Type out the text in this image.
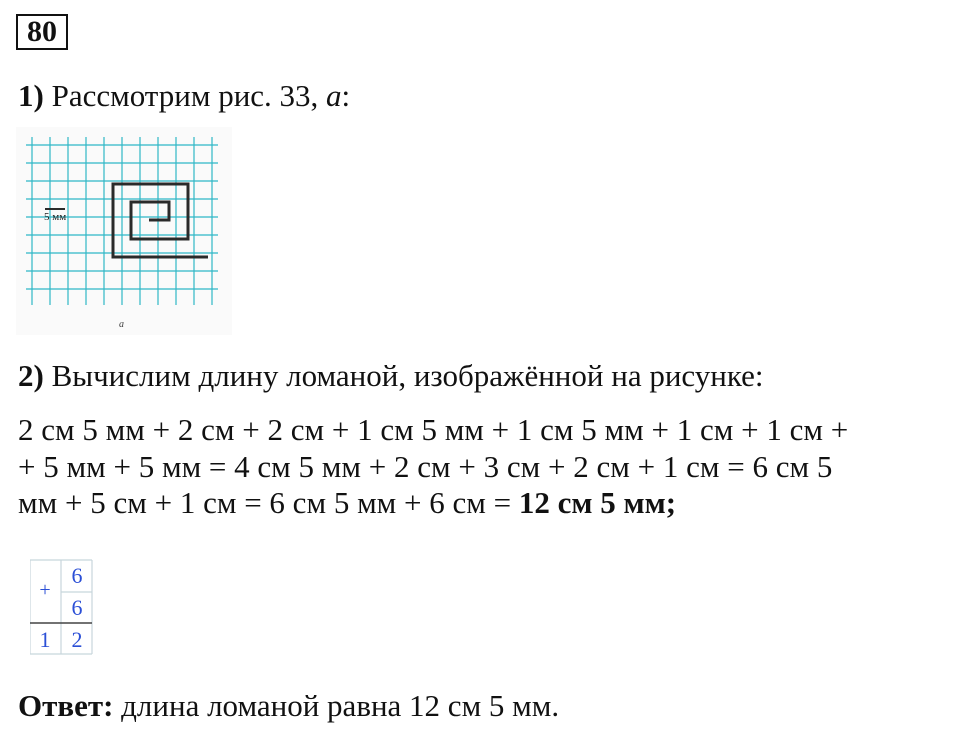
80
1) Рассмотрим рис. 33, а:
5 мм
а
2) Вычислим длину ломаной, изображённой на рисунке:
2 см 5 мм + 2 см + 2 см + 1 см 5 мм + 1 см 5 мм + 1 см + 1 см +
+ 5 мм + 5 мм = 4 см 5 мм + 2 см + 3 см + 2 см + 1 см = 6 см 5
мм + 5 см + 1 см = 6 см 5 мм + 6 см = 12 см 5 мм;
+
6
6
1 2
Ответ: длина ломаной равна 12 см 5 мм.
